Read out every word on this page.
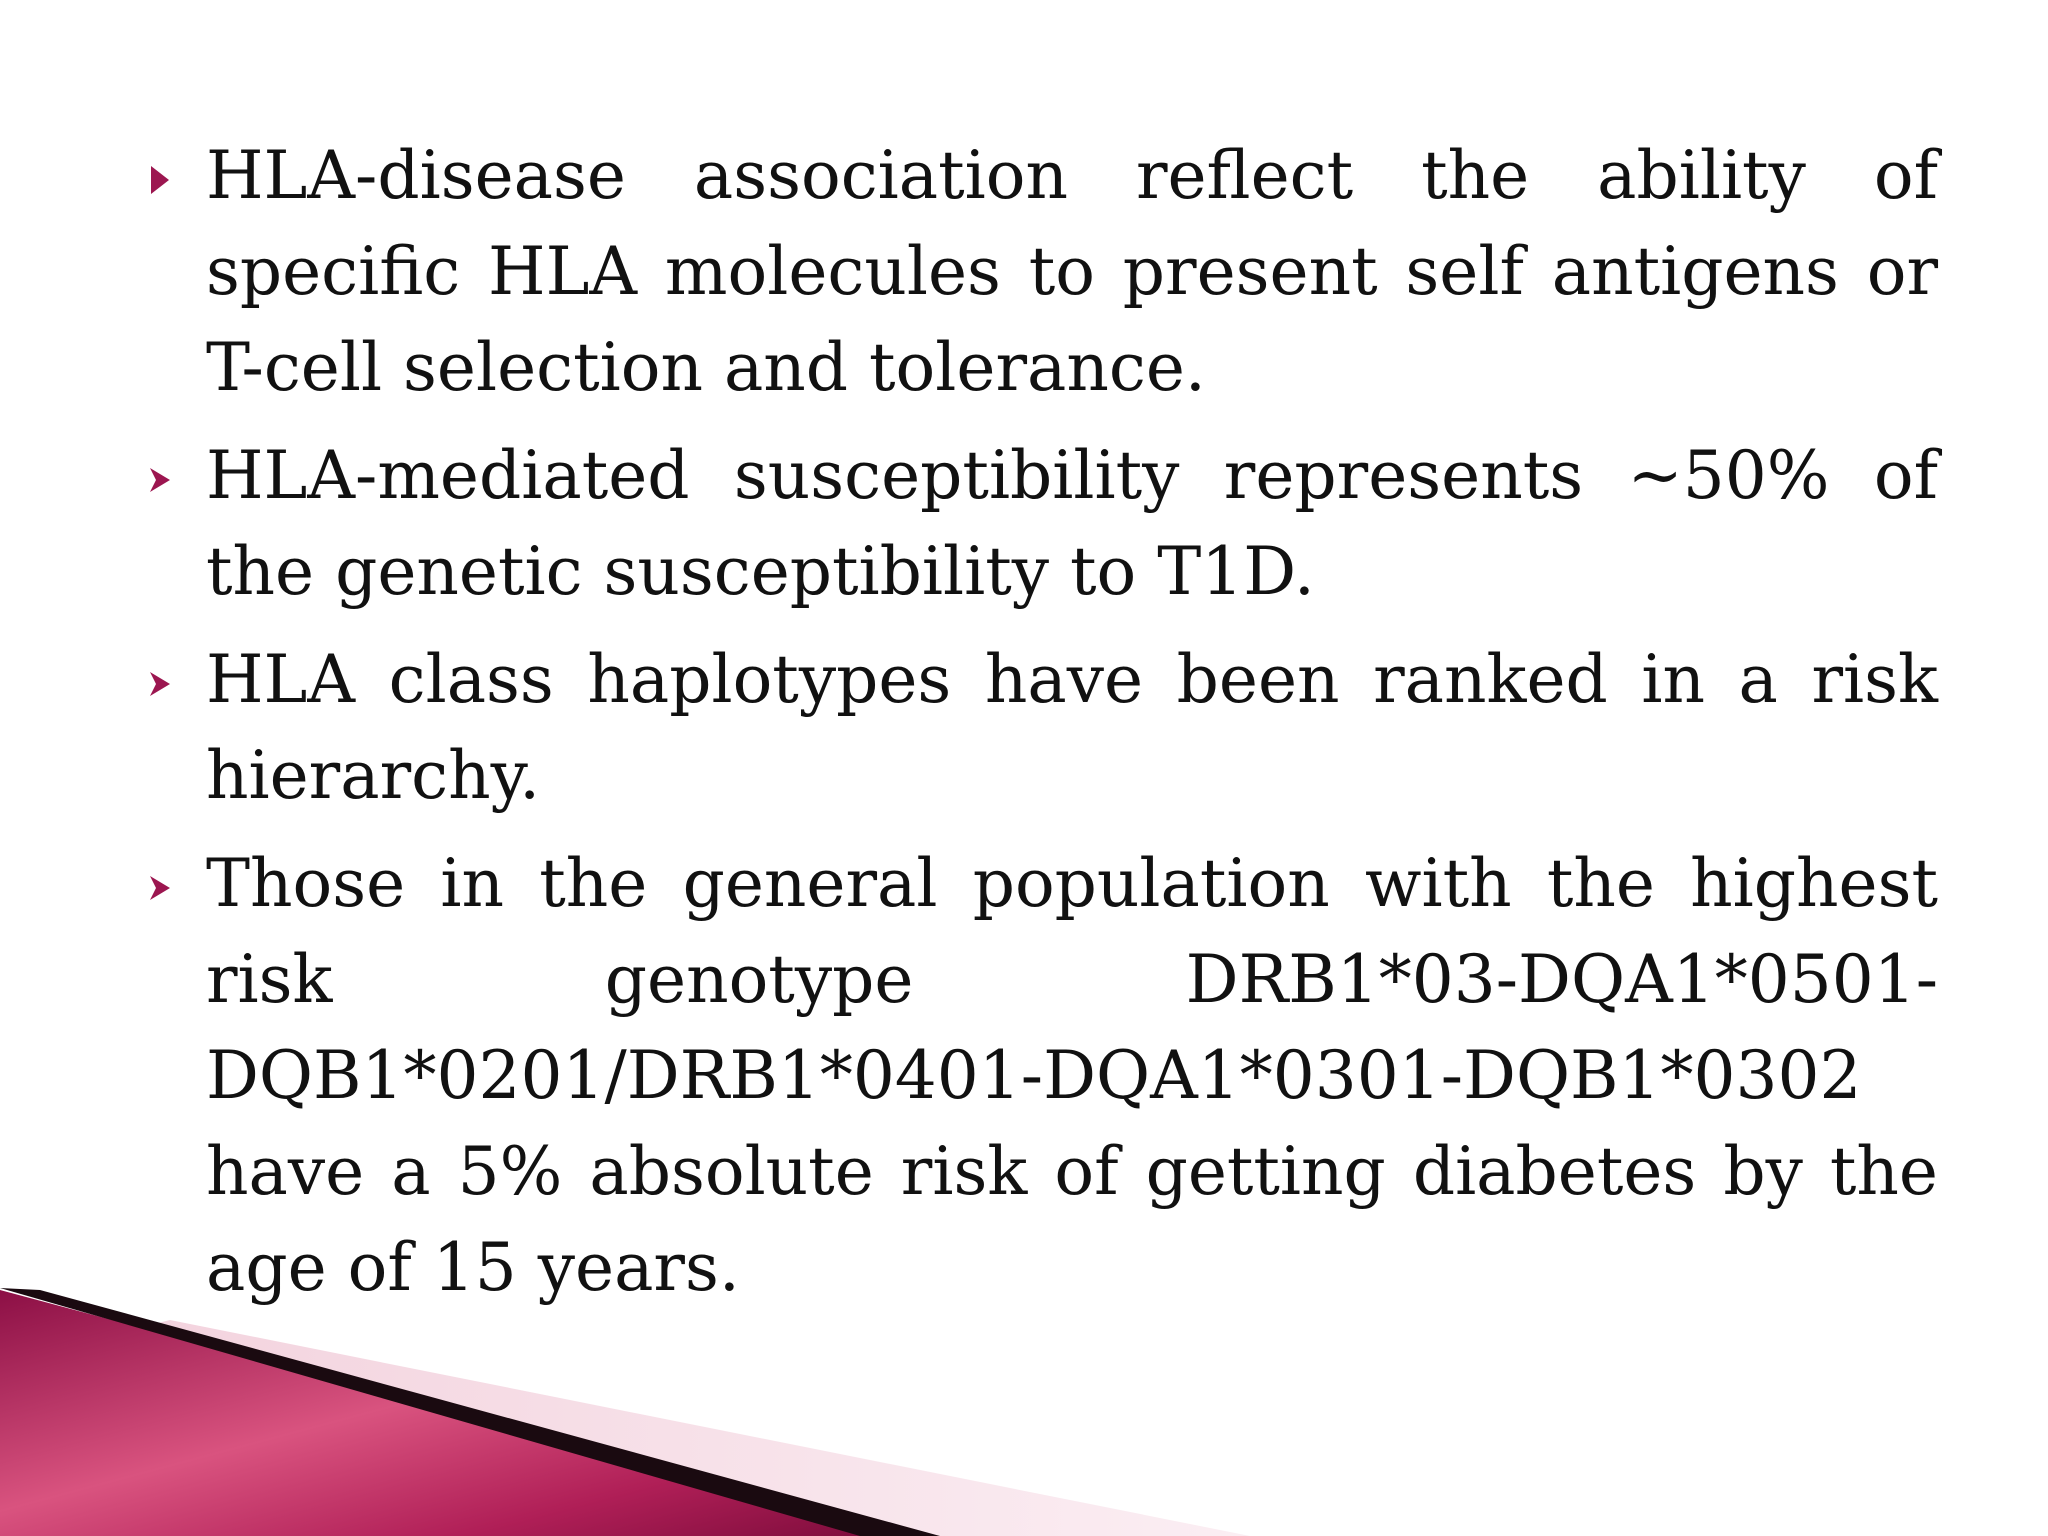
HLA-disease association reflect the ability of specific HLA molecules to present self antigens or T-cell selection and tolerance.
HLA-mediated susceptibility represents ~50% of the genetic susceptibility to T1D.
HLA class haplotypes have been ranked in a risk hierarchy.
Those in the general population with the highest risk genotype DRB1*03-DQA1*0501-DQB1*0201/DRB1*0401-DQA1*0301-DQB1*0302 have a 5% absolute risk of getting diabetes by the age of 15 years.
